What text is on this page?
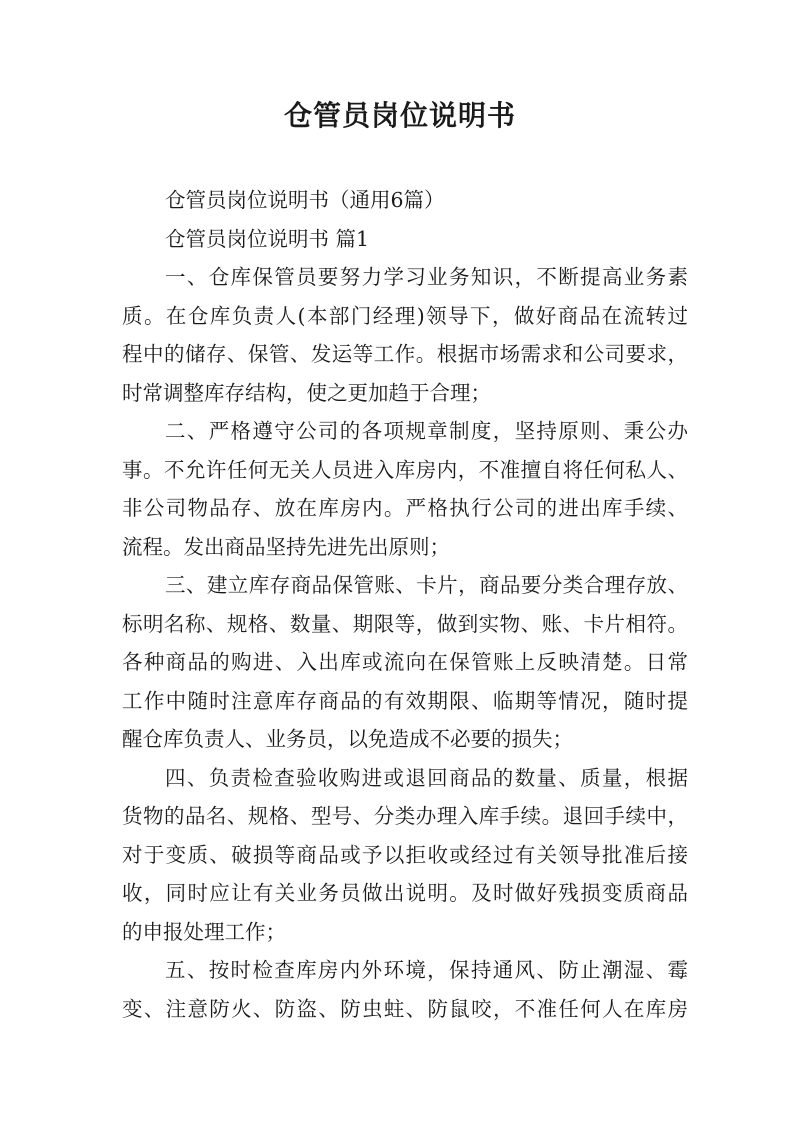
仓管员岗位说明书
仓管员岗位说明书（通用6篇）
仓管员岗位说明书 篇1
一、仓库保管员要努力学习业务知识，不断提高业务素
质。在仓库负责人(本部门经理)领导下，做好商品在流转过
程中的储存、保管、发运等工作。根据市场需求和公司要求，
时常调整库存结构，使之更加趋于合理；
二、严格遵守公司的各项规章制度，坚持原则、秉公办
事。不允许任何无关人员进入库房内，不准擅自将任何私人、
非公司物品存、放在库房内。严格执行公司的进出库手续、
流程。发出商品坚持先进先出原则；
三、建立库存商品保管账、卡片，商品要分类合理存放、
标明名称、规格、数量、期限等，做到实物、账、卡片相符。
各种商品的购进、入出库或流向在保管账上反映清楚。日常
工作中随时注意库存商品的有效期限、临期等情况，随时提
醒仓库负责人、业务员，以免造成不必要的损失；
四、负责检查验收购进或退回商品的数量、质量，根据
货物的品名、规格、型号、分类办理入库手续。退回手续中，
对于变质、破损等商品或予以拒收或经过有关领导批准后接
收，同时应让有关业务员做出说明。及时做好残损变质商品
的申报处理工作；
五、按时检查库房内外环境，保持通风、防止潮湿、霉
变、注意防火、防盗、防虫蛀、防鼠咬，不准任何人在库房
